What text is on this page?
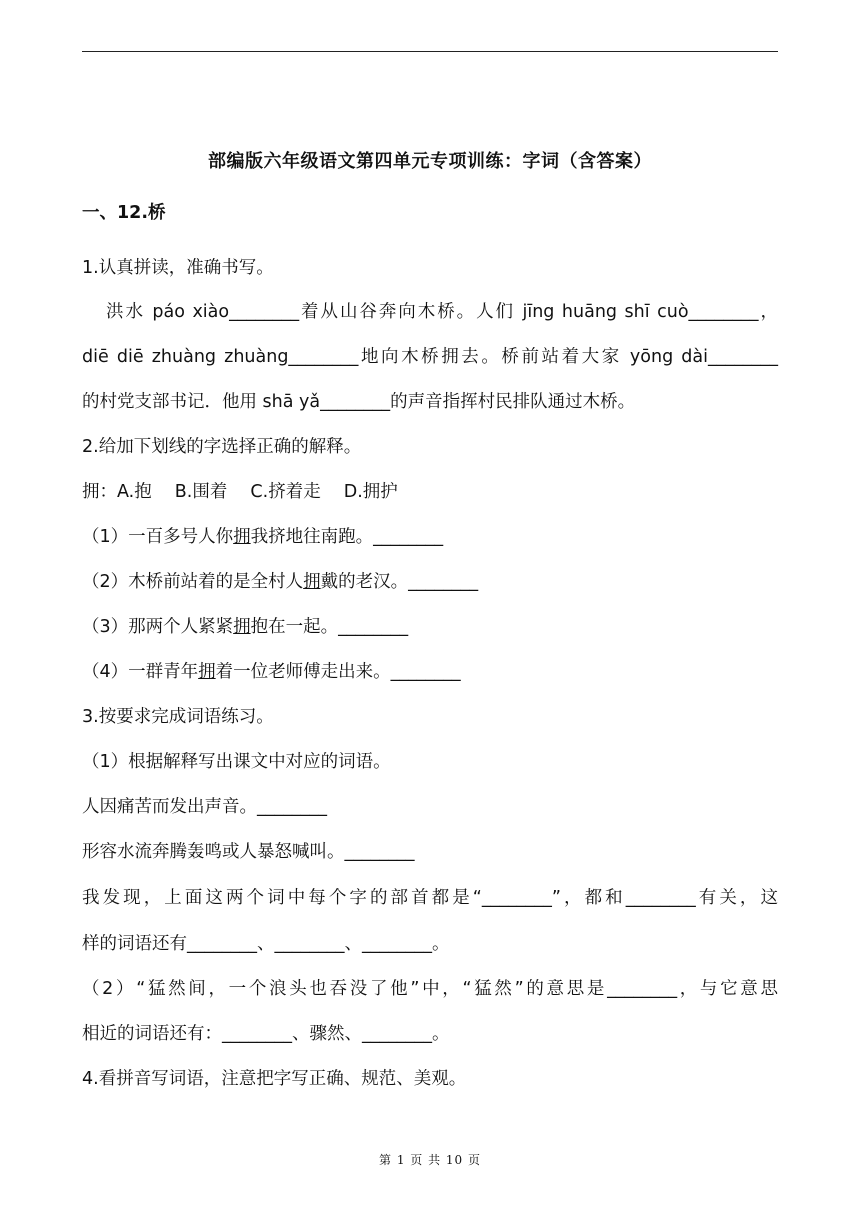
部编版六年级语文第四单元专项训练：字词（含答案）
一、12.桥
1.认真拼读，准确书写。
洪水 páo xiào________着从山谷奔向木桥。人们 jīng huāng shī cuò________，
diē diē zhuàng zhuàng________地向木桥拥去。桥前站着大家 yōng dài________
的村党支部书记．他用 shā yǎ________的声音指挥村民排队通过木桥。
2.给加下划线的字选择正确的解释。
拥：A.抱　 B.围着　 C.挤着走　 D.拥护
（1）一百多号人你拥我挤地往南跑。________
（2）木桥前站着的是全村人拥戴的老汉。________
（3）那两个人紧紧拥抱在一起。________
（4）一群青年拥着一位老师傅走出来。________
3.按要求完成词语练习。
（1）根据解释写出课文中对应的词语。
人因痛苦而发出声音。________
形容水流奔腾轰鸣或人暴怒喊叫。________
我发现，上面这两个词中每个字的部首都是“________”，都和________有关，这
样的词语还有________、________、________。
（2）“猛然间，一个浪头也吞没了他”中，“猛然”的意思是________，与它意思
相近的词语还有：________、骤然、________。
4.看拼音写词语，注意把字写正确、规范、美观。
第 1 页 共 10 页
